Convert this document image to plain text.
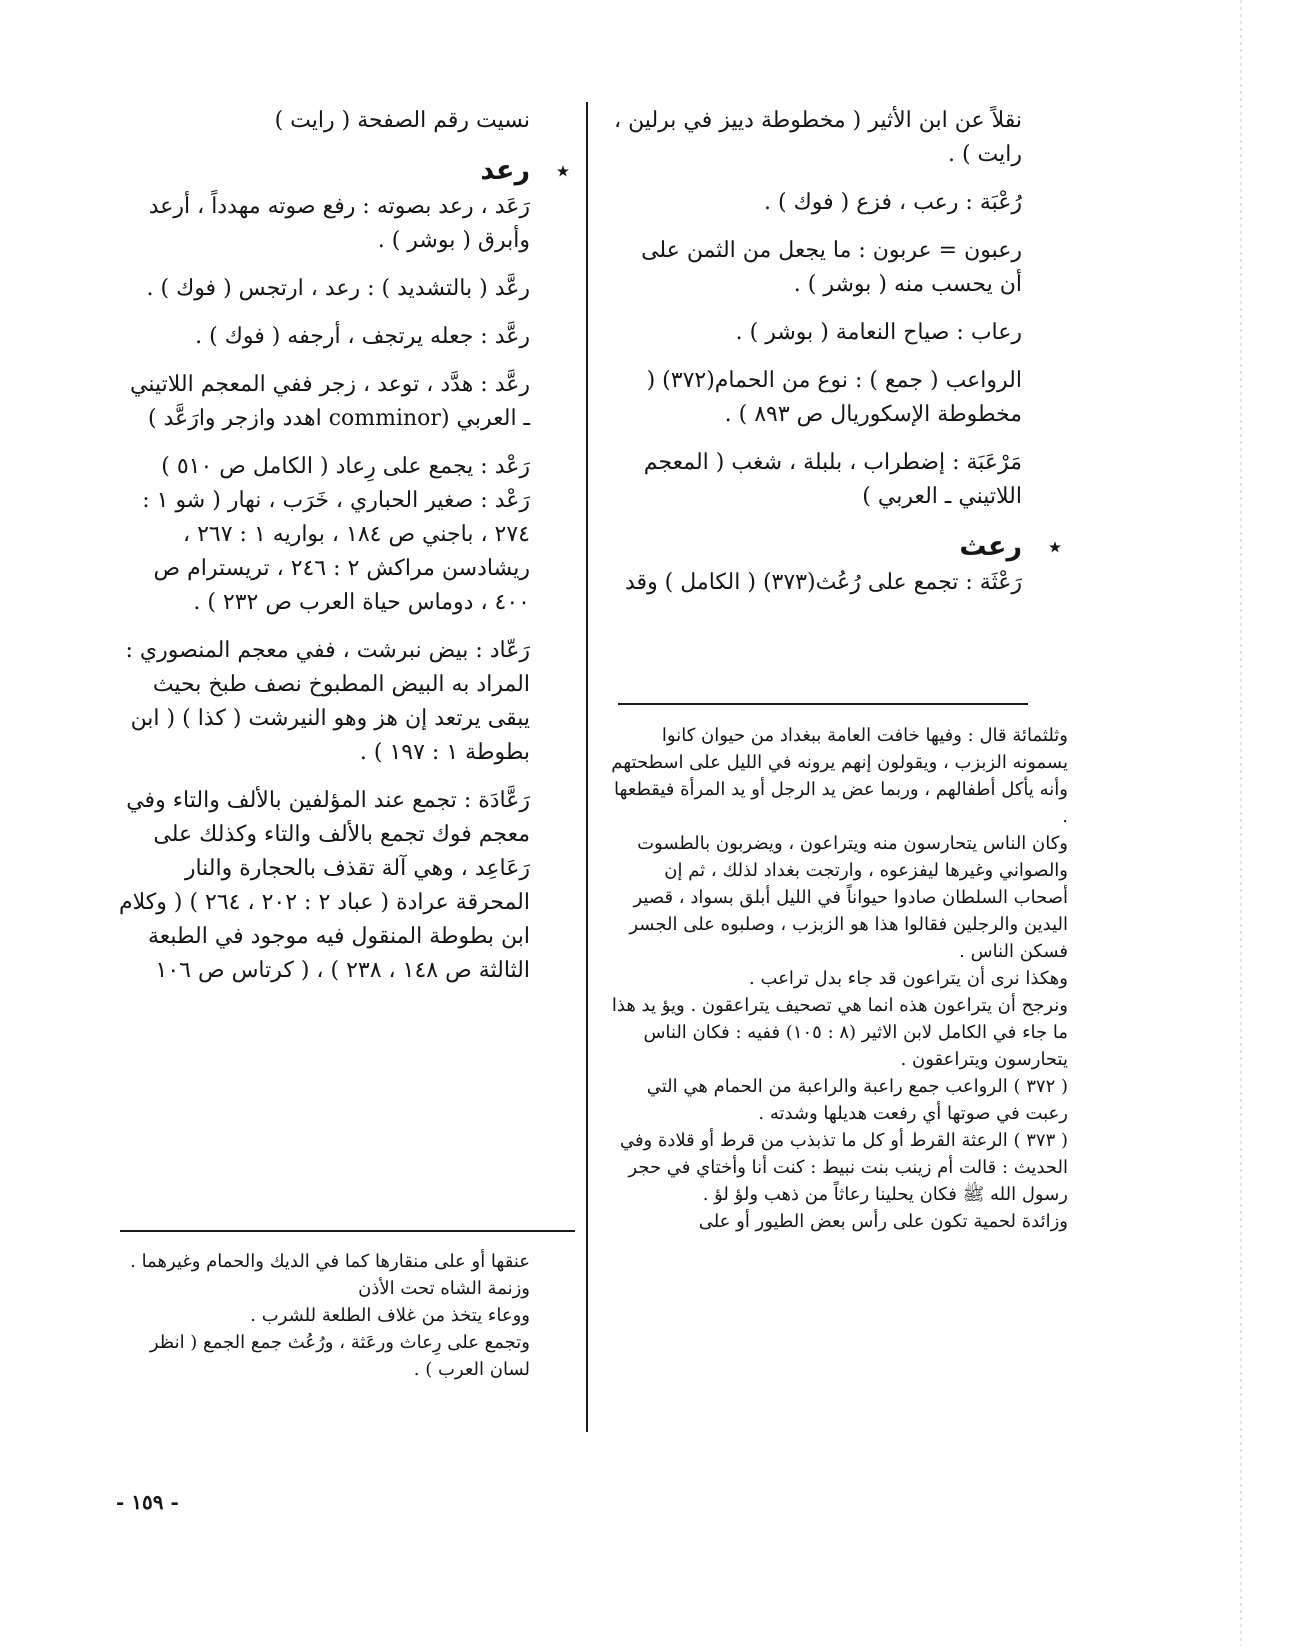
نقلاً عن ابن الأثير ( مخطوطة دييز في برلين ، رايت ) .

رُعْبَة : رعب ، فزع ( فوك ) .

رعبون = عربون : ما يجعل من الثمن على أن يحسب منه ( بوشر ) .

رعاب : صياح النعامة ( بوشر ) .

الرواعب ( جمع ) : نوع من الحمام(٣٧٢) ( مخطوطة الإسكوريال ص ٨٩٣ ) .

مَرْعَبَة : إضطراب ، بلبلة ، شغب ( المعجم اللاتيني ـ العربي )

٭
رعث

رَعْثَة : تجمع على رُعُث(٣٧٣) ( الكامل ) وقد

وثلثمائة قال : وفيها خافت العامة ببغداد من حيوان كانوا يسمونه الزبزب ، ويقولون إنهم يرونه في الليل على اسطحتهم وأنه يأكل أطفالهم ، وربما عض يد الرجل أو يد المرأة فيقطعها .

وكان الناس يتحارسون منه ويتراعون ، ويضربون بالطسوت والصواني وغيرها ليفزعوه ، وارتجت بغداد لذلك ، ثم إن أصحاب السلطان صادوا حيواناً في الليل أبلق بسواد ، قصير اليدين والرجلين فقالوا هذا هو الزبزب ، وصلبوه على الجسر فسكن الناس .

وهكذا نرى أن يتراعون قد جاء بدل تراعب .

ونرجح أن يتراعون هذه انما هي تصحيف يتراعقون . ويؤ يد هذا ما جاء في الكامل لابن الاثير (٨ : ١٠٥) ففيه : فكان الناس يتحارسون ويتراعقون .

( ٣٧٢ ) الرواعب جمع راعبة والراعبة من الحمام هي التي رعبت في صوتها أي رفعت هديلها وشدته .

( ٣٧٣ ) الرعثة القرط أو كل ما تذبذب من قرط أو قلادة وفي الحديث : قالت أم زينب بنت نبيط : كنت أنا وأختاي في حجر رسول الله ﷺ فكان يحلينا رعاثاً من ذهب ولؤ لؤ .

وزائدة لحمية تكون على رأس بعض الطيور أو على

نسيت رقم الصفحة ( رايت )

٭
رعد

رَعَد ، رعد بصوته : رفع صوته مهدداً ، أرعد وأبرق ( بوشر ) .

رعَّد ( بالتشديد ) : رعد ، ارتجس ( فوك ) .

رعَّد : جعله يرتجف ، أرجفه ( فوك ) .

رعَّد : هدَّد ، توعد ، زجر ففي المعجم اللاتيني ـ العربي (comminor اهدد وازجر وارَعَّد )

رَعْد : يجمع على رِعاد ( الكامل ص ٥١٠ )

رَعْد : صغير الحباري ، خَرَب ، نهار ( شو ١ : ٢٧٤ ، باجني ص ١٨٤ ، بواريه ١ : ٢٦٧ ، ريشادسن مراكش ٢ : ٢٤٦ ، تريسترام ص ٤٠٠ ، دوماس حياة العرب ص ٢٣٢ ) .

رَعّاد : بيض نبرشت ، ففي معجم المنصوري : المراد به البيض المطبوخ نصف طبخ بحيث يبقى يرتعد إن هز وهو النيرشت ( كذا ) ( ابن بطوطة ١ : ١٩٧ ) .

رَعَّادَة : تجمع عند المؤلفين بالألف والتاء وفي معجم فوك تجمع بالألف والتاء وكذلك على رَعَاعِد ، وهي آلة تقذف بالحجارة والنار المحرقة عرادة ( عباد ٢ : ٢٠٢ ، ٢٦٤ ) ( وكلام ابن بطوطة المنقول فيه موجود في الطبعة الثالثة ص ١٤٨ ، ٢٣٨ ) ، ( كرتاس ص ١٠٦

عنقها أو على منقارها كما في الديك والحمام وغيرهما .

وزنمة الشاه تحت الأذن

ووعاء يتخذ من غلاف الطلعة للشرب .

وتجمع على رِعاث ورعَثة ، ورُعُث جمع الجمع ( انظر لسان العرب ) .

- ١٥٩ -
